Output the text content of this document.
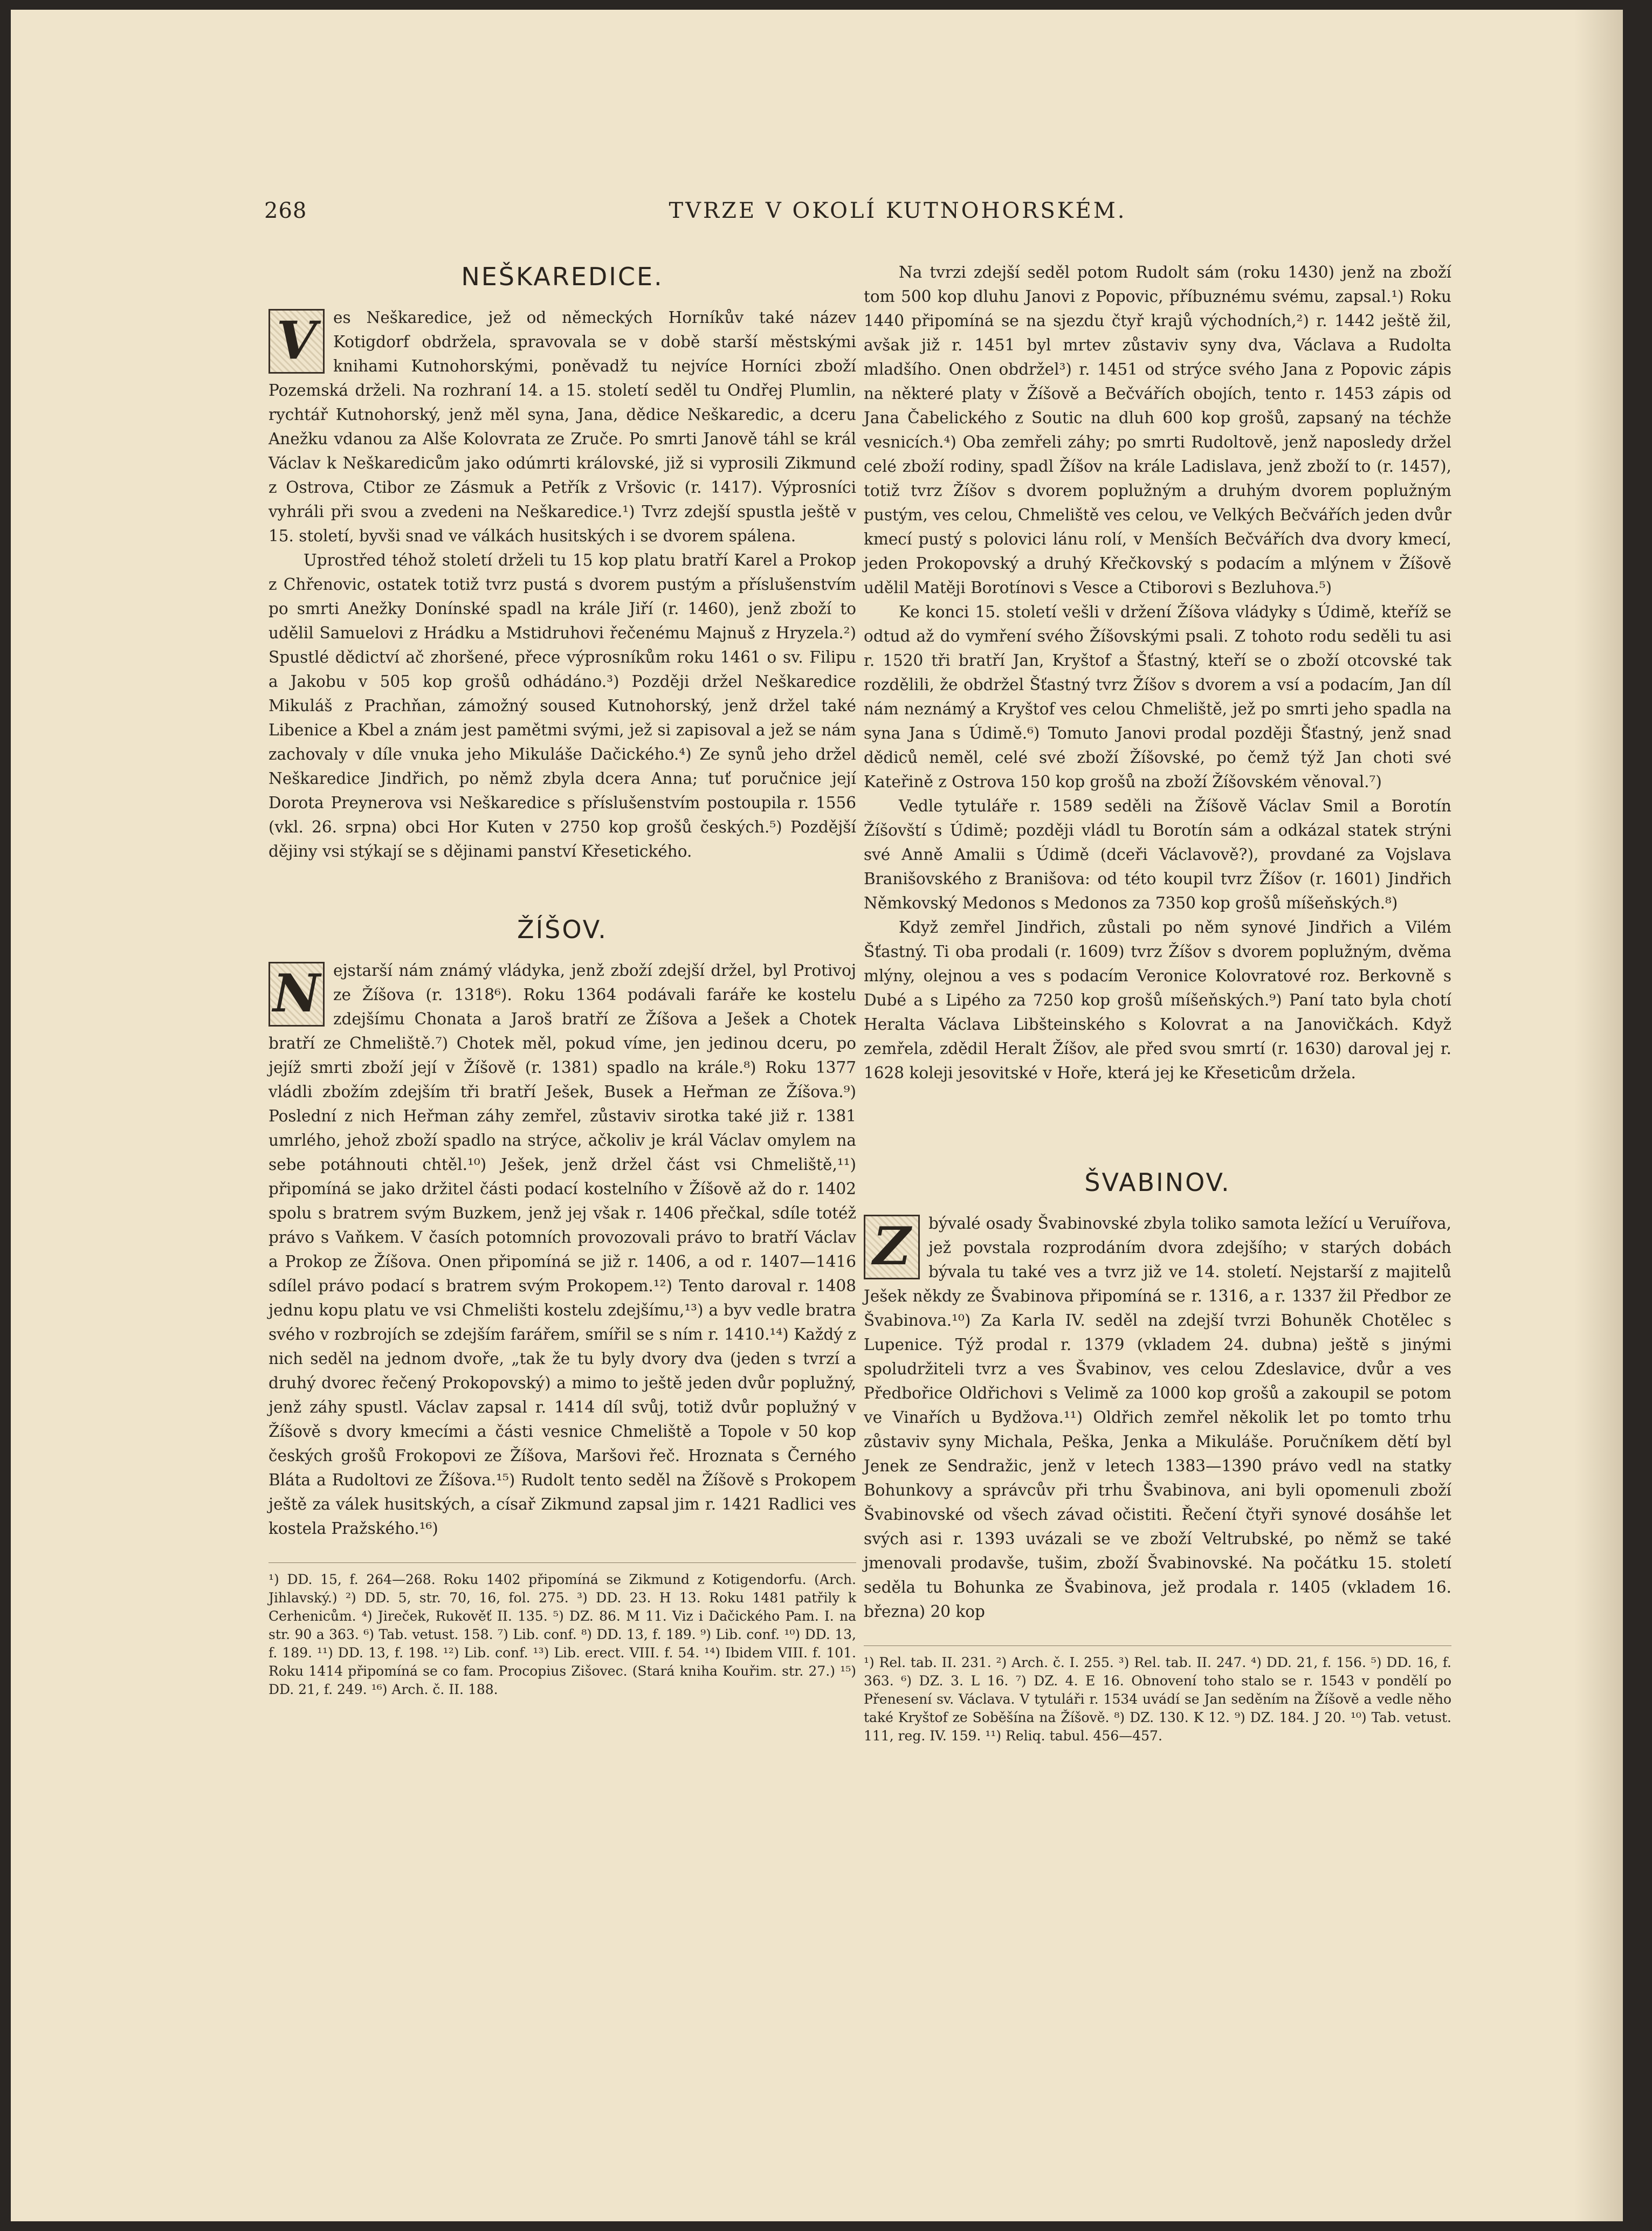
268	TVRZE V OKOLÍ KUTNOHORSKÉM.
NEŠKAREDICE.

V	es Neškaredice, jež od německých Horníkův také název Kotigdorf obdržela, spravovala se v době starší městskými knihami Kutnohorskými, poněvadž tu nejvíce Horníci zboží Pozemská drželi. Na rozhraní 14. a 15. století seděl tu Ondřej Plumlin, rychtář Kutnohorský, jenž měl syna, Jana, dědice Neškaredic, a dceru Anežku vdanou za Alše Kolovrata ze Zruče. Po smrti Janově táhl se král Václav k Neškaredicům jako odúmrti královské, již si vyprosili Zikmund z Ostrova, Ctibor ze Zásmuk a Petřík z Vršovic (r. 1417). Výprosníci vyhráli při svou a zvedeni na Neškaredice.¹) Tvrz zdejší spustla ještě v 15. století, byvši snad ve válkách husitských i se dvorem spálena.

Uprostřed téhož století drželi tu 15 kop platu bratří Karel a Prokop z Chřenovic, ostatek totiž tvrz pustá s dvorem pustým a příslušenstvím po smrti Anežky Donínské spadl na krále Jiří (r. 1460), jenž zboží to udělil Samuelovi z Hrádku a Mstidruhovi řečenému Majnuš z Hryzela.²) Spustlé dědictví ač zhoršené, přece výprosníkům roku 1461 o sv. Filipu a Jakobu v 505 kop grošů odhádáno.³) Později držel Neškaredice Mikuláš z Prachňan, zámožný soused Kutnohorský, jenž držel také Libenice a Kbel a znám jest pamětmi svými, jež si zapisoval a jež se nám zachovaly v díle vnuka jeho Mikuláše Dačického.⁴) Ze synů jeho držel Neškaredice Jindřich, po němž zbyla dcera Anna; tuť poručnice její Dorota Preynerova vsi Neškaredice s příslušenstvím postoupila r. 1556 (vkl. 26. srpna) obci Hor Kuten v 2750 kop grošů českých.⁵) Pozdější dějiny vsi stýkají se s dějinami panství Křesetického.

ŽÍŠOV.

N ejstarší nám známý vládyka, jenž zboží zdejší držel, byl Protivoj ze Žíšova (r. 1318⁶). Roku 1364 podávali faráře ke kostelu zdejšímu Chonata a Jaroš bratří ze Žíšova a Ješek a Chotek bratří ze Chmeliště.⁷) Chotek měl, pokud víme, jen jedinou dceru, po jejíž smrti zboží její v Žíšově (r. 1381) spadlo na krále.⁸) Roku 1377 vládli zbožím zdejším tři bratří Ješek, Busek a Heřman ze Žíšova.⁹) Poslední z nich Heřman záhy zemřel, zůstaviv sirotka také již r. 1381 umrlého, jehož zboží spadlo na strýce, ačkoliv je král Václav omylem na sebe potáhnouti chtěl.¹⁰) Ješek, jenž držel část vsi Chmeliště,¹¹) připomíná se jako držitel části podací kostelního v Žíšově až do r. 1402 spolu s bratrem svým Buzkem, jenž jej však r. 1406 přečkal, sdíle totéž právo s Vaňkem. V časích potomních provozovali právo to bratří Václav a Prokop ze Žíšova. Onen připomíná se již r. 1406, a od r. 1407—1416 sdílel právo podací s bratrem svým Prokopem.¹²) Tento daroval r. 1408 jednu kopu platu ve vsi Chmelišti kostelu zdejšímu,¹³) a byv vedle bratra svého v rozbrojích se zdejším farářem, smířil se s ním r. 1410.¹⁴) Každý z nich seděl na jednom dvoře, „tak že tu byly dvory dva (jeden s tvrzí a druhý dvorec řečený Prokopovský) a mimo to ještě jeden dvůr poplužný, jenž záhy spustl. Václav zapsal r. 1414 díl svůj, totiž dvůr poplužný v Žíšově s dvory kmecími a části vesnice Chmeliště a Topole v 50 kop českých grošů Frokopovi ze Žíšova, Maršovi řeč. Hroznata s Černého Bláta a Rudoltovi ze Žíšova.¹⁵) Rudolt tento seděl na Žíšově s Prokopem ještě za válek husitských, a císař Zikmund zapsal jim r. 1421 Radlici ves kostela Pražského.¹⁶)

¹) DD. 15, f. 264—268. Roku 1402 připomíná se Zikmund z Kotigendorfu. (Arch. Jihlavský.) ²) DD. 5, str. 70, 16, fol. 275. ³) DD. 23. H 13. Roku 1481 patřily k Cerhenicům. ⁴) Jireček, Rukověť II. 135. ⁵) DZ. 86. M 11. Viz i Dačického Pam. I. na str. 90 a 363. ⁶) Tab. vetust. 158. ⁷) Lib. conf. ⁸) DD. 13, f. 189. ⁹) Lib. conf. ¹⁰) DD. 13, f. 189. ¹¹) DD. 13, f. 198. ¹²) Lib. conf. ¹³) Lib. erect. VIII. f. 54. ¹⁴) Ibidem VIII. f. 101. Roku 1414 připomíná se co fam. Procopius Zišovec. (Stará kniha Kouřim. str. 27.) ¹⁵) DD. 21, f. 249. ¹⁶) Arch. č. II. 188.

Na tvrzi zdejší seděl potom Rudolt sám (roku 1430) jenž na zboží tom 500 kop dluhu Janovi z Popovic, příbuznému svému, zapsal.¹) Roku 1440 připomíná se na sjezdu čtyř krajů východních,²) r. 1442 ještě žil, avšak již r. 1451 byl mrtev zůstaviv syny dva, Václava a Rudolta mladšího. Onen obdržel³) r. 1451 od strýce svého Jana z Popovic zápis na některé platy v Žíšově a Bečvářích obojích, tento r. 1453 zápis od Jana Čabelického z Soutic na dluh 600 kop grošů, zapsaný na téchže vesnicích.⁴) Oba zemřeli záhy; po smrti Rudoltově, jenž naposledy držel celé zboží rodiny, spadl Žíšov na krále Ladislava, jenž zboží to (r. 1457), totiž tvrz Žíšov s dvorem poplužným a druhým dvorem poplužným pustým, ves celou, Chmeliště ves celou, ve Velkých Bečvářích jeden dvůr kmecí pustý s polovici lánu rolí, v Menších Bečvářích dva dvory kmecí, jeden Prokopovský a druhý Křečkovský s podacím a mlýnem v Žíšově udělil Matěji Borotínovi s Vesce a Ctiborovi s Bezluhova.⁵)

Ke konci 15. století vešli v držení Žíšova vládyky s Údimě, kteříž se odtud až do vymření svého Žíšovskými psali. Z tohoto rodu seděli tu asi r. 1520 tři bratří Jan, Kryštof a Šťastný, kteří se o zboží otcovské tak rozdělili, že obdržel Šťastný tvrz Žíšov s dvorem a vsí a podacím, Jan díl nám neznámý a Kryštof ves celou Chmeliště, jež po smrti jeho spadla na syna Jana s Údimě.⁶) Tomuto Janovi prodal později Šťastný, jenž snad dědiců neměl, celé své zboží Žíšovské, po čemž týž Jan choti své Kateřině z Ostrova 150 kop grošů na zboží Žíšovském věnoval.⁷)

Vedle tytuláře r. 1589 seděli na Žíšově Václav Smil a Borotín Žíšovští s Údimě; později vládl tu Borotín sám a odkázal statek strýni své Anně Amalii s Údimě (dceři Václavově?), provdané za Vojslava Branišovského z Branišova: od této koupil tvrz Žíšov (r. 1601) Jindřich Němkovský Medonos s Medonos za 7350 kop grošů míšeňských.⁸)

Když zemřel Jindřich, zůstali po něm synové Jindřich a Vilém Šťastný. Ti oba prodali (r. 1609) tvrz Žíšov s dvorem poplužným, dvěma mlýny, olejnou a ves s podacím Veronice Kolovratové roz. Berkovně s Dubé a s Lipého za 7250 kop grošů míšeňských.⁹) Paní tato byla chotí Heralta Václava Libšteinského s Kolovrat a na Janovičkách. Když zemřela, zdědil Heralt Žíšov, ale před svou smrtí (r. 1630) daroval jej r. 1628 koleji jesovitské v Hoře, která jej ke Křeseticům držela.

ŠVABINOV.

Z	bývalé osady Švabinovské zbyla toliko samota ležící u Veruířova, jež povstala rozprodáním dvora zdejšího; v starých dobách bývala tu také ves a tvrz již ve 14. století. Nejstarší z majitelů Ješek někdy ze Švabinova připomíná se r. 1316, a r. 1337 žil Předbor ze Švabinova.¹⁰) Za Karla IV. seděl na zdejší tvrzi Bohuněk Chotělec s Lupenice. Týž prodal r. 1379 (vkladem 24. dubna) ještě s jinými spoludržiteli tvrz a ves Švabinov, ves celou Zdeslavice, dvůr a ves Předbořice Oldřichovi s Velimě za 1000 kop grošů a zakoupil se potom ve Vinařích u Bydžova.¹¹) Oldřich zemřel několik let po tomto trhu zůstaviv syny Michala, Peška, Jenka a Mikuláše. Poručníkem dětí byl Jenek ze Sendražic, jenž v letech 1383—1390 právo vedl na statky Bohunkovy a správcův při trhu Švabinova, ani byli opomenuli zboží Švabinovské od všech závad očistiti. Řečení čtyři synové dosáhše let svých asi r. 1393 uvázali se ve zboží Veltrubské, po němž se také jmenovali prodavše, tušim, zboží Švabinovské. Na počátku 15. století seděla tu Bohunka ze Švabinova, jež prodala r. 1405 (vkladem 16. března) 20 kop

¹) Rel. tab. II. 231. ²) Arch. č. I. 255. ³) Rel. tab. II. 247. ⁴) DD. 21, f. 156. ⁵) DD. 16, f. 363. ⁶) DZ. 3. L 16. ⁷) DZ. 4. E 16. Obnovení toho stalo se r. 1543 v pondělí po Přenesení sv. Václava. V tytuláři r. 1534 uvádí se Jan seděním na Žíšově a vedle něho také Kryštof ze Soběšína na Žíšově. ⁸) DZ. 130. K 12. ⁹) DZ. 184. J 20. ¹⁰) Tab. vetust. 111, reg. IV. 159. ¹¹) Reliq. tabul. 456—457.
